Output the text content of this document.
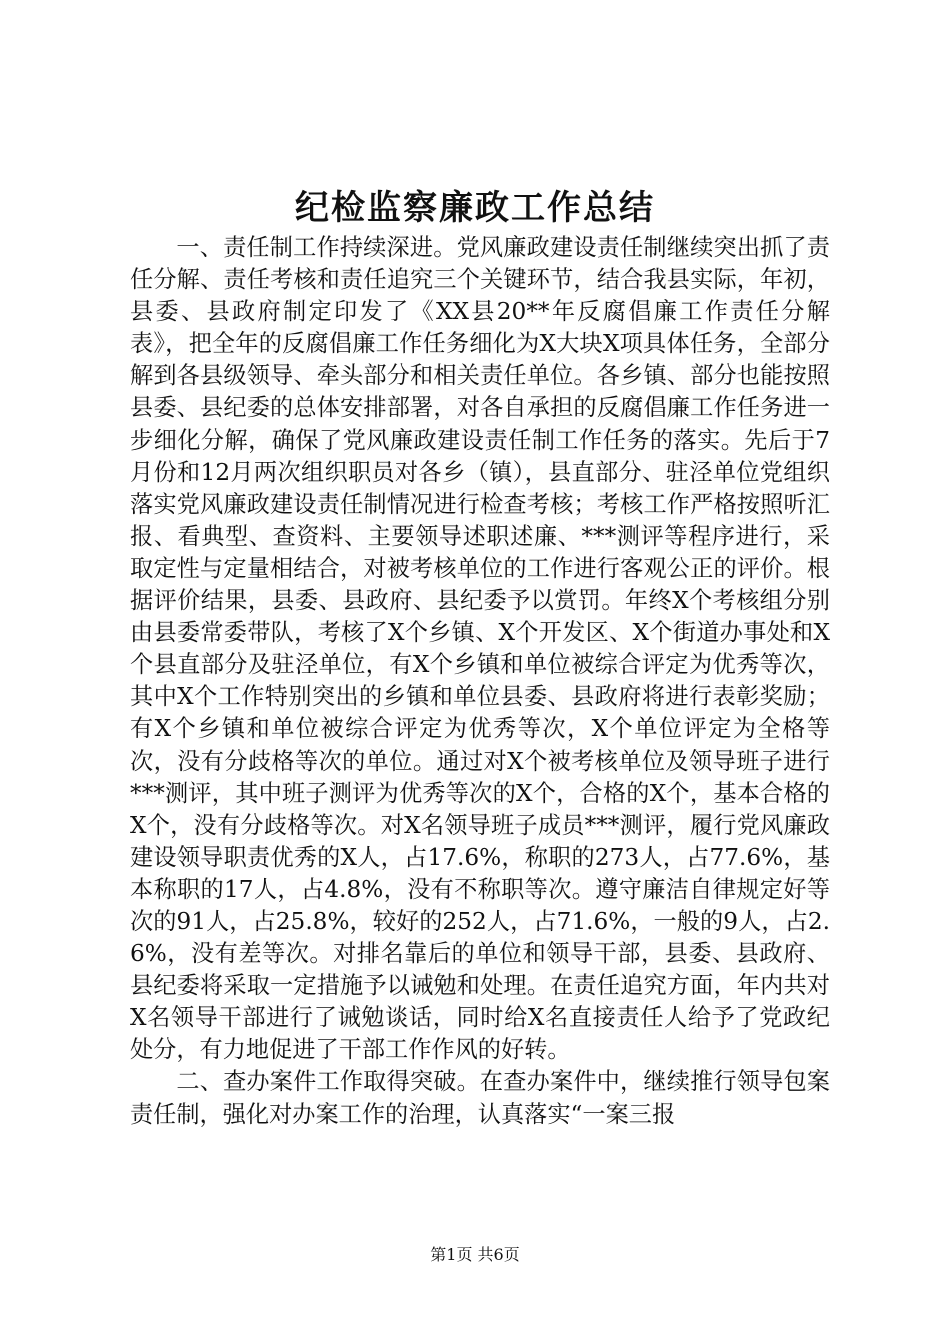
纪检监察廉政工作总结

一、责任制工作持续深进。党风廉政建设责任制继续突出抓了责任分解、责任考核和责任追究三个关键环节，结合我县实际，年初，县委、县政府制定印发了《XX县20**年反腐倡廉工作责任分解表》，把全年的反腐倡廉工作任务细化为X大块X项具体任务，全部分解到各县级领导、牵头部分和相关责任单位。各乡镇、部分也能按照县委、县纪委的总体安排部署，对各自承担的反腐倡廉工作任务进一步细化分解，确保了党风廉政建设责任制工作任务的落实。先后于7月份和12月两次组织职员对各乡（镇），县直部分、驻泾单位党组织落实党风廉政建设责任制情况进行检查考核；考核工作严格按照听汇报、看典型、查资料、主要领导述职述廉、***测评等程序进行，采取定性与定量相结合，对被考核单位的工作进行客观公正的评价。根据评价结果，县委、县政府、县纪委予以赏罚。年终X个考核组分别由县委常委带队，考核了X个乡镇、X个开发区、X个街道办事处和X个县直部分及驻泾单位，有X个乡镇和单位被综合评定为优秀等次，其中X个工作特别突出的乡镇和单位县委、县政府将进行表彰奖励；有X个乡镇和单位被综合评定为优秀等次，X个单位评定为全格等次，没有分歧格等次的单位。通过对X个被考核单位及领导班子进行***测评，其中班子测评为优秀等次的X个，合格的X个，基本合格的X个，没有分歧格等次。对X名领导班子成员***测评，履行党风廉政建设领导职责优秀的X人，占17.6%，称职的273人，占77.6%，基本称职的17人，占4.8%，没有不称职等次。遵守廉洁自律规定好等次的91人，占25.8%，较好的252人，占71.6%，一般的9人，占2.6%，没有差等次。对排名靠后的单位和领导干部，县委、县政府、县纪委将采取一定措施予以诫勉和处理。在责任追究方面，年内共对X名领导干部进行了诫勉谈话，同时给X名直接责任人给予了党政纪处分，有力地促进了干部工作作风的好转。

二、查办案件工作取得突破。在查办案件中，继续推行领导包案责任制，强化对办案工作的治理，认真落实“一案三报

第1页 共6页
